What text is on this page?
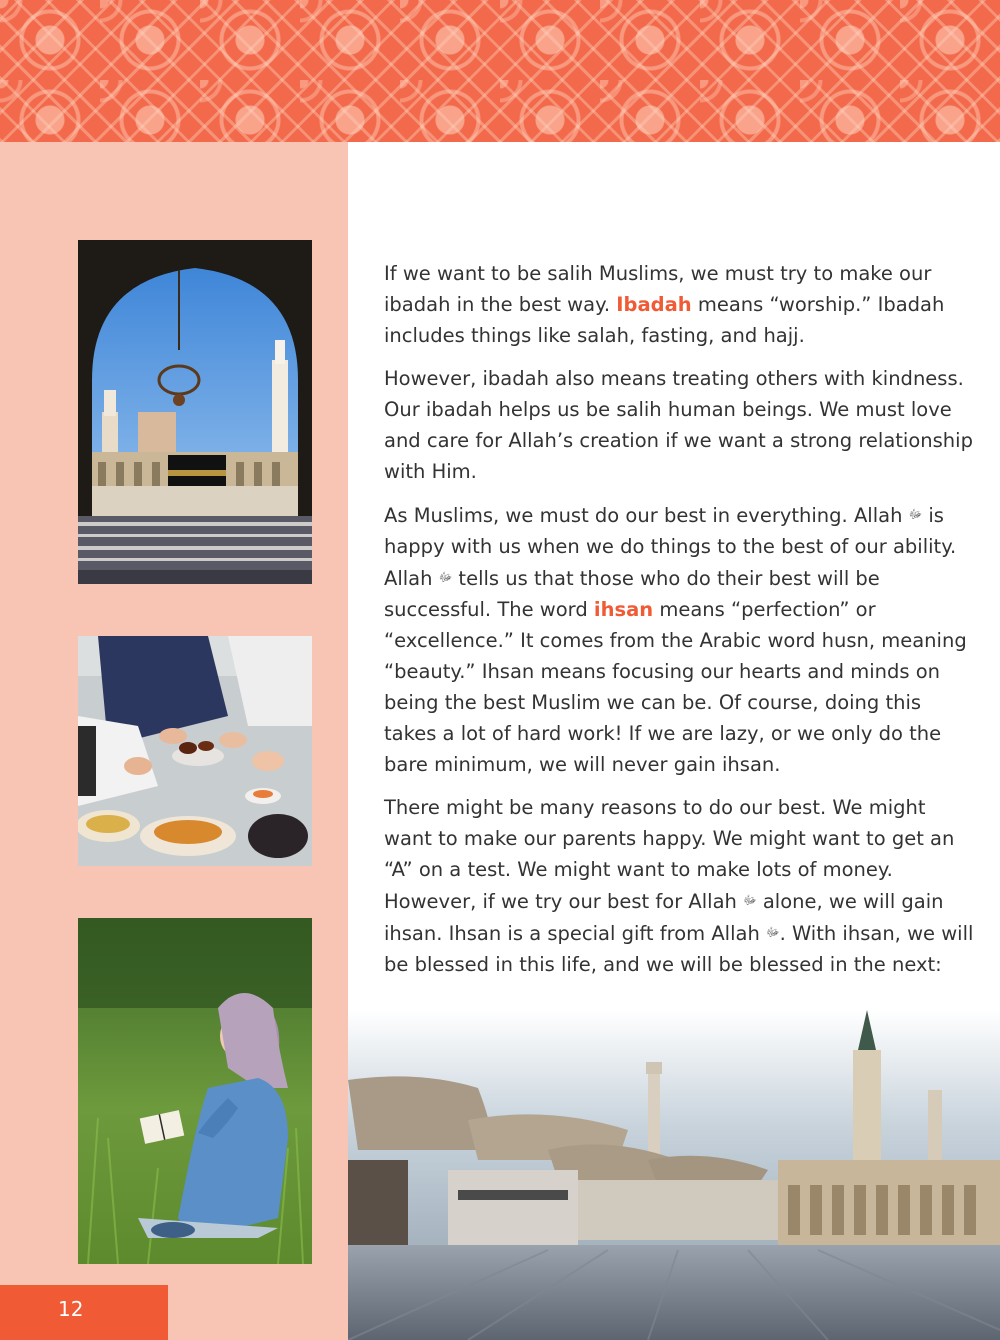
12

If we want to be salih Muslims, we must try to make our ibadah in the best way. Ibadah means “worship.” Ibadah includes things like salah, fasting, and hajj.

However, ibadah also means treating others with kindness. Our ibadah helps us be salih human beings. We must love and care for Allah’s creation if we want a strong relationship with Him.

As Muslims, we must do our best in everything. Allah $^ﷻ$ is happy with us when we do things to the best of our ability. Allah $^ﷻ$ tells us that those who do their best will be successful. The word ihsan means “perfection” or “excellence.” It comes from the Arabic word husn, meaning “beauty.” Ihsan means focusing our hearts and minds on being the best Muslim we can be. Of course, doing this takes a lot of hard work! If we are lazy, or we only do the bare minimum, we will never gain ihsan.

There might be many reasons to do our best. We might want to make our parents happy. We might want to get an “A” on a test. We might want to make lots of money. However, if we try our best for Allah $^ﷻ$ alone, we will gain ihsan. Ihsan is a special gift from Allah $^ﷻ$. With ihsan, we will be blessed in this life, and we will be blessed in the next:
